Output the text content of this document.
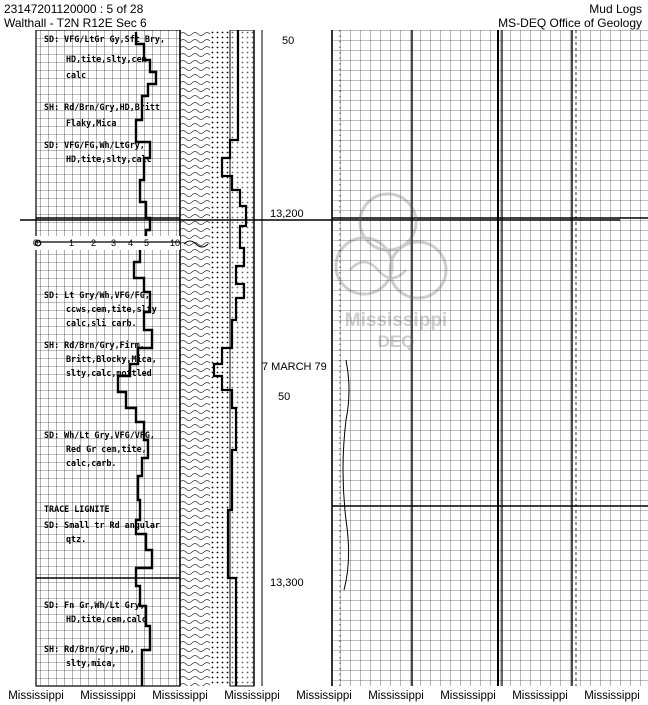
23147201120000 : 5 of 28
Walthall - T2N R12E Sec 6
Mud Logs
MS-DEQ Office of Geology
0	1 2 3 4 5 10
50
13,200
50
13,300
7 MARCH 79
SD: VFG/LtGr Gy,Sft Bry,
HD,tite,slty,cem
calc
SH: Rd/Brn/Gry,HD,Britt
Flaky,Mica
SD: VFG/FG,Wh/LtGry,
HD,tite,slty,calc
SD: Lt Gry/Wh,VFG/FG,
ccws,cem,tite,slty
calc,sli carb.
SH: Rd/Brn/Gry,Firm,
Britt,Blocky,Mica,
slty,calc,mottled
SD: Wh/Lt Gry,VFG/VFG,
Red Gr cem,tite,
calc,carb.
TRACE LIGNITE
SD: Small tr Rd angular
qtz.
SD: Fn Gr,Wh/Lt Gry,
HD,tite,cem,calc
SH: Rd/Brn/Gry,HD,
slty,mica,
Mississippi
DEQ
Mississippi Mississippi Mississippi Mississippi Mississippi Mississippi Mississippi Mississippi Mississippi
